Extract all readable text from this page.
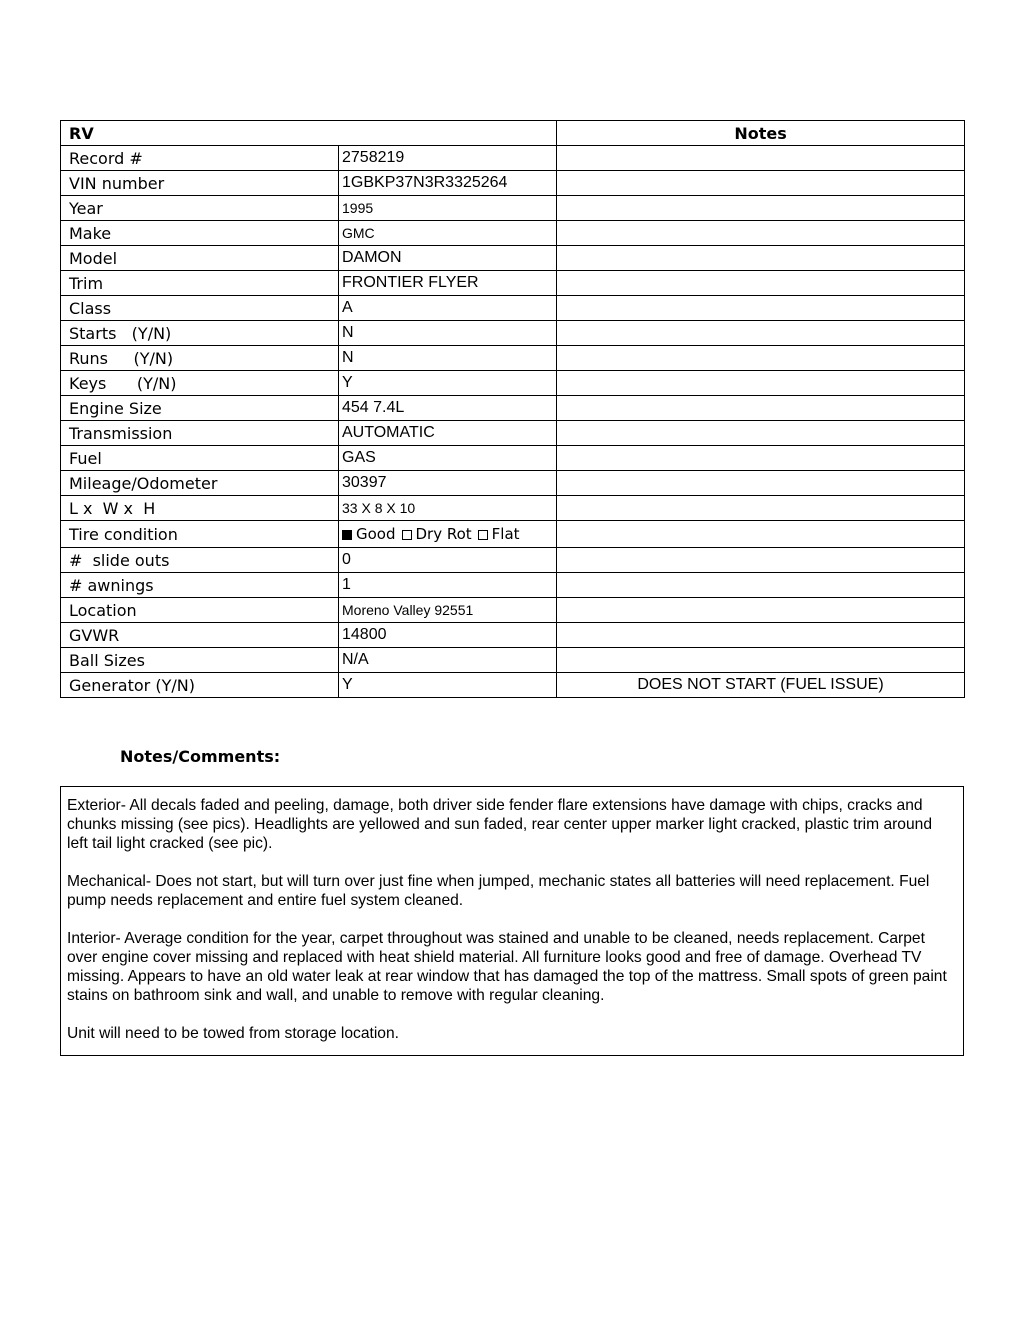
RV		Notes
Record #	2758219	
VIN number	1GBKP37N3R3325264	
Year	1995	
Make	GMC	
Model	DAMON	
Trim	FRONTIER FLYER	
Class	A	
Starts   (Y/N)	N	
Runs     (Y/N)	N	
Keys      (Y/N)	Y	
Engine Size	454 7.4L	
Transmission	AUTOMATIC	
Fuel	GAS	
Mileage/Odometer	30397	
L x  W x  H	33 X 8 X 10	
Tire condition	Good Dry Rot Flat	
#  slide outs	0	
# awnings	1	
Location	Moreno Valley 92551	
GVWR	14800	
Ball Sizes	N/A	
Generator (Y/N)	Y	DOES NOT START (FUEL ISSUE)
Notes/Comments:

Exterior- All decals faded and peeling, damage, both driver side fender flare extensions have damage with chips, cracks and chunks missing (see pics). Headlights are yellowed and sun faded, rear center upper marker light cracked, plastic trim around left tail light cracked (see pic).

Mechanical- Does not start, but will turn over just fine when jumped, mechanic states all batteries will need replacement. Fuel pump needs replacement and entire fuel system cleaned.

Interior- Average condition for the year, carpet throughout was stained and unable to be cleaned, needs replacement. Carpet over engine cover missing and replaced with heat shield material. All furniture looks good and free of damage. Overhead TV missing. Appears to have an old water leak at rear window that has damaged the top of the mattress. Small spots of green paint stains on bathroom sink and wall, and unable to remove with regular cleaning.

Unit will need to be towed from storage location.
